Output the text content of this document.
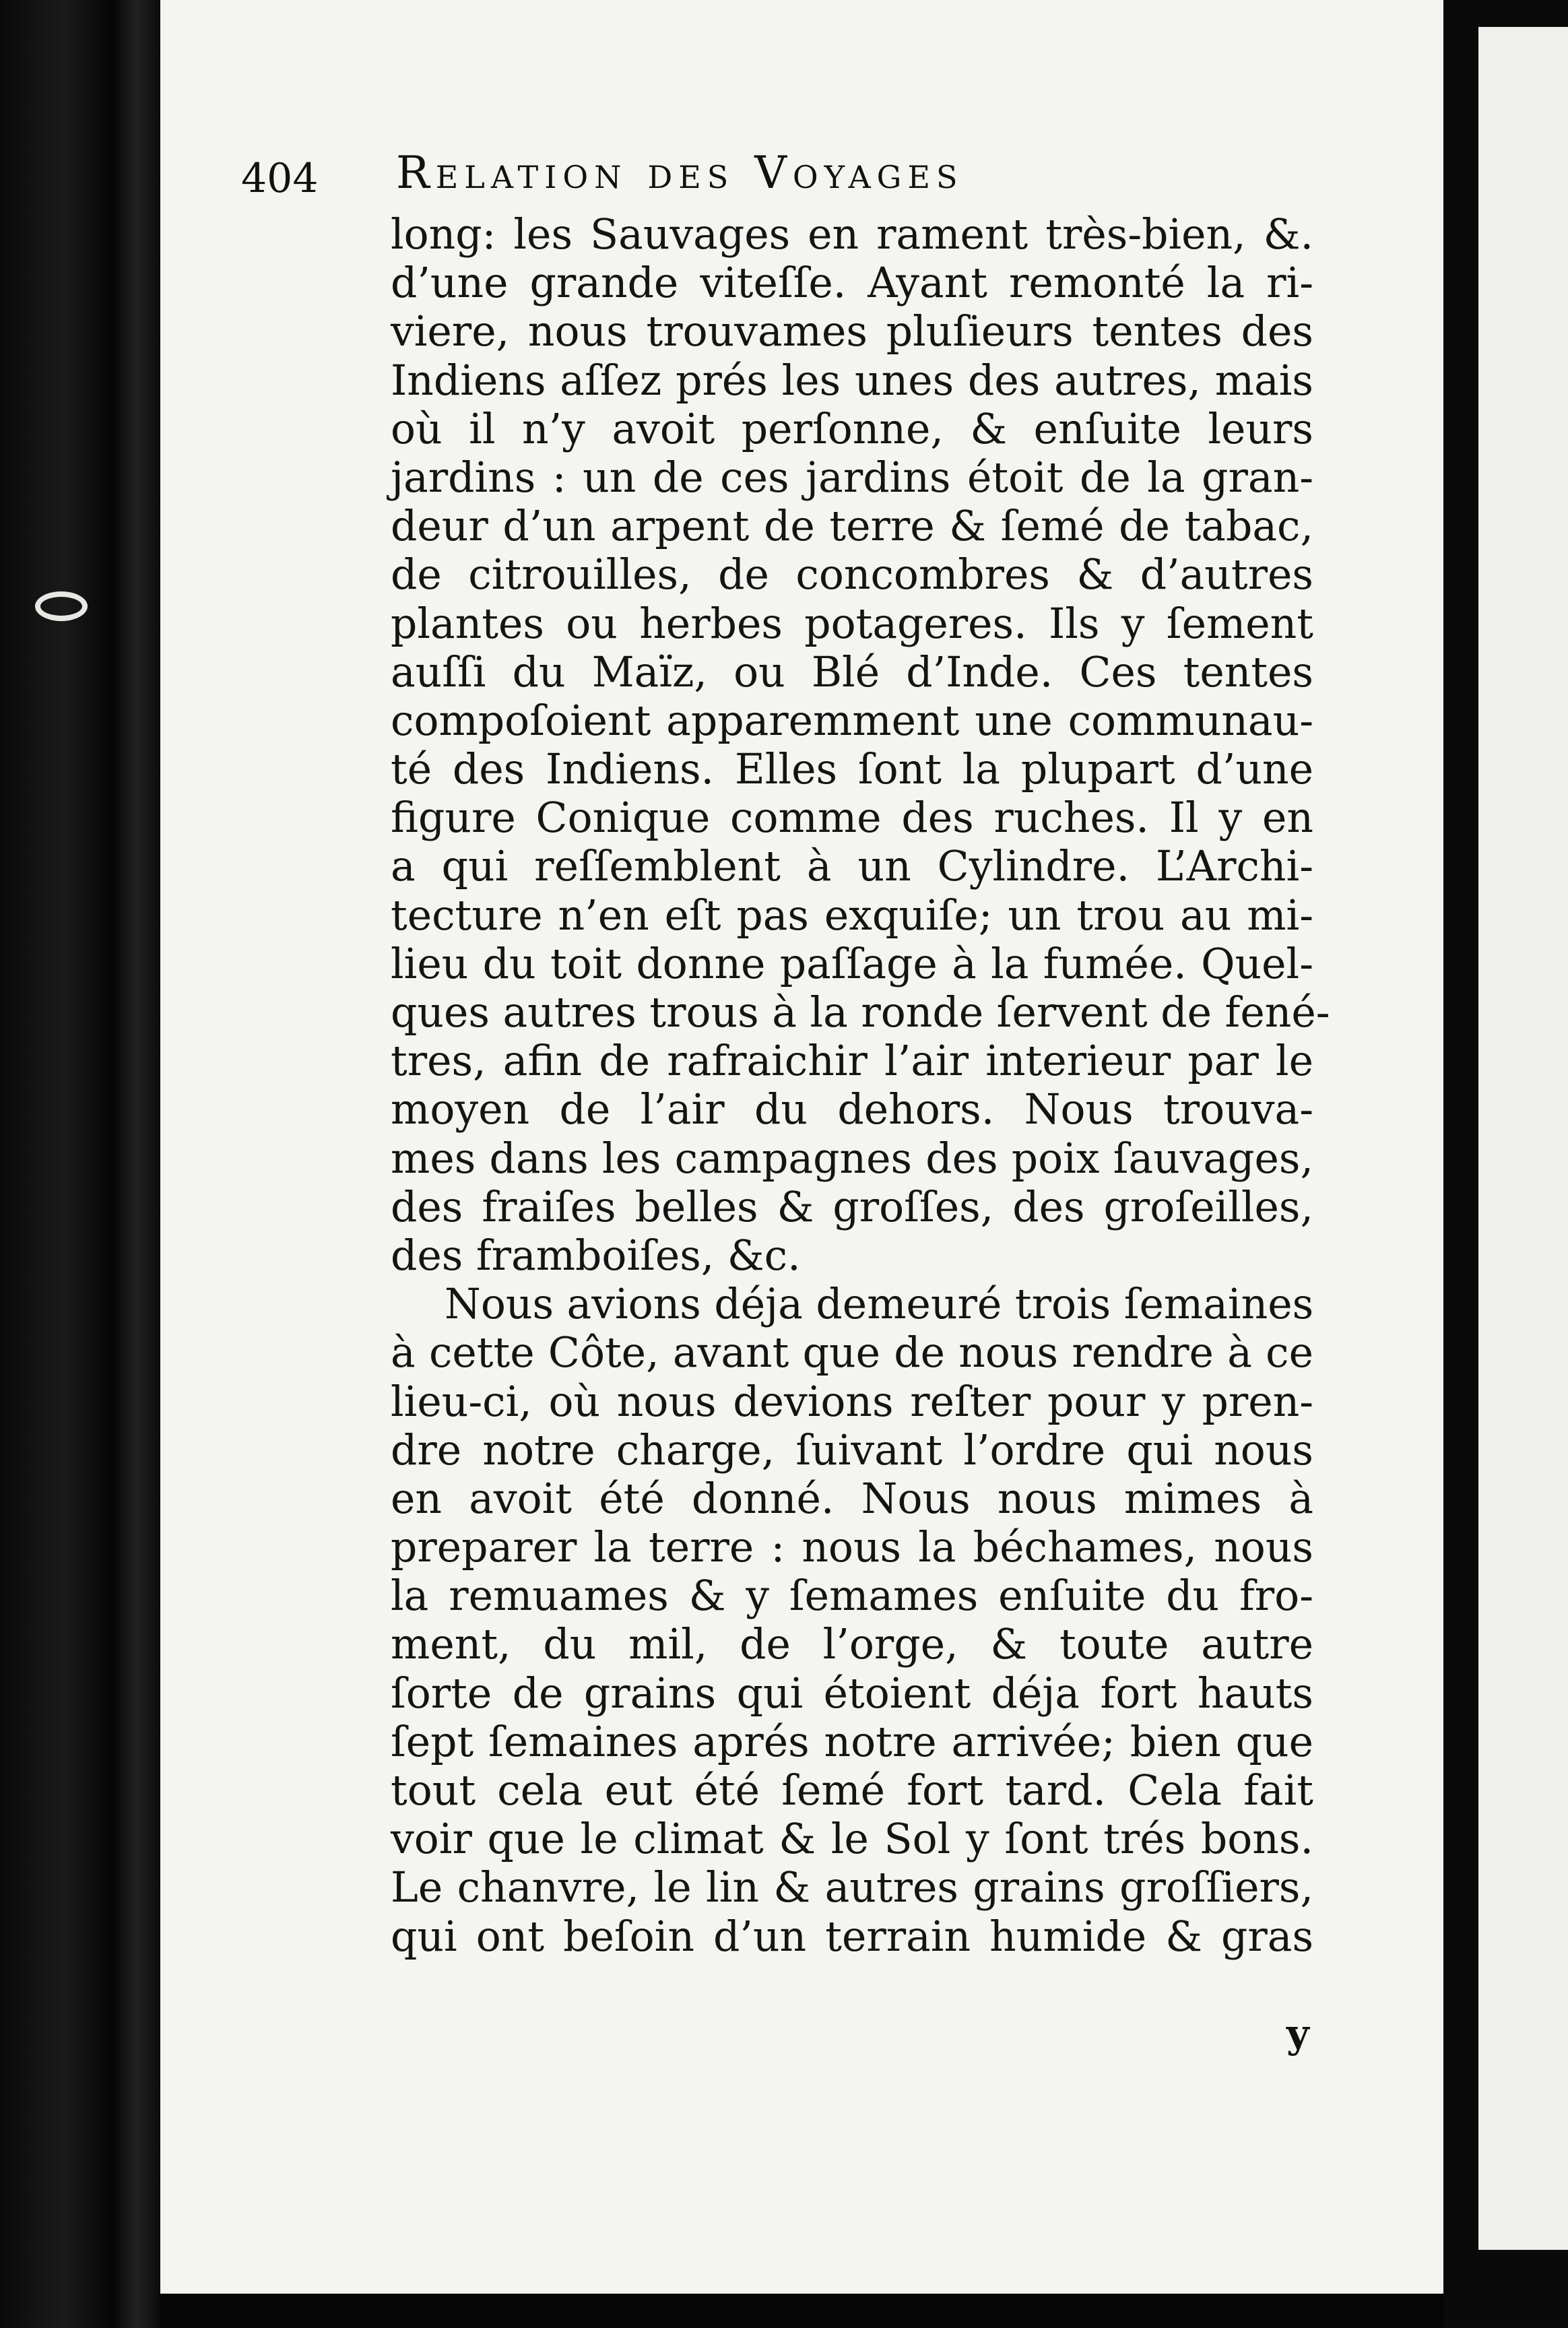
404 Relation des Voyages
long: les Sauvages en rament très-bien, &.
d’une grande viteſſe. Ayant remonté la ri-
viere, nous trouvames pluſieurs tentes des
Indiens aſſez prés les unes des autres, mais
où il n’y avoit perſonne, & enſuite leurs
jardins : un de ces jardins étoit de la gran-
deur d’un arpent de terre & ſemé de tabac,
de citrouilles, de concombres & d’autres
plantes ou herbes potageres. Ils y ſement
auſſi du Maïz, ou Blé d’Inde. Ces tentes
compoſoient apparemment une communau-
té des Indiens. Elles ſont la plupart d’une
figure Conique comme des ruches. Il y en
a qui reſſemblent à un Cylindre. L’Archi-
tecture n’en eſt pas exquiſe; un trou au mi-
lieu du toit donne paſſage à la fumée. Quel-
ques autres trous à la ronde ſervent de fené-
tres, afin de rafraichir l’air interieur par le
moyen de l’air du dehors. Nous trouva-
mes dans les campagnes des poix ſauvages,
des fraiſes belles & groſſes, des groſeilles,
des framboiſes, &c.
Nous avions déja demeuré trois ſemaines
à cette Côte, avant que de nous rendre à ce
lieu-ci, où nous devions reſter pour y pren-
dre notre charge, ſuivant l’ordre qui nous
en avoit été donné. Nous nous mimes à
preparer la terre : nous la béchames, nous
la remuames & y ſemames enſuite du fro-
ment, du mil, de l’orge, & toute autre
ſorte de grains qui étoient déja fort hauts
ſept ſemaines aprés notre arrivée; bien que
tout cela eut été ſemé fort tard. Cela fait
voir que le climat & le Sol y ſont trés bons.
Le chanvre, le lin & autres grains groſſiers,
qui ont beſoin d’un terrain humide & gras
y
